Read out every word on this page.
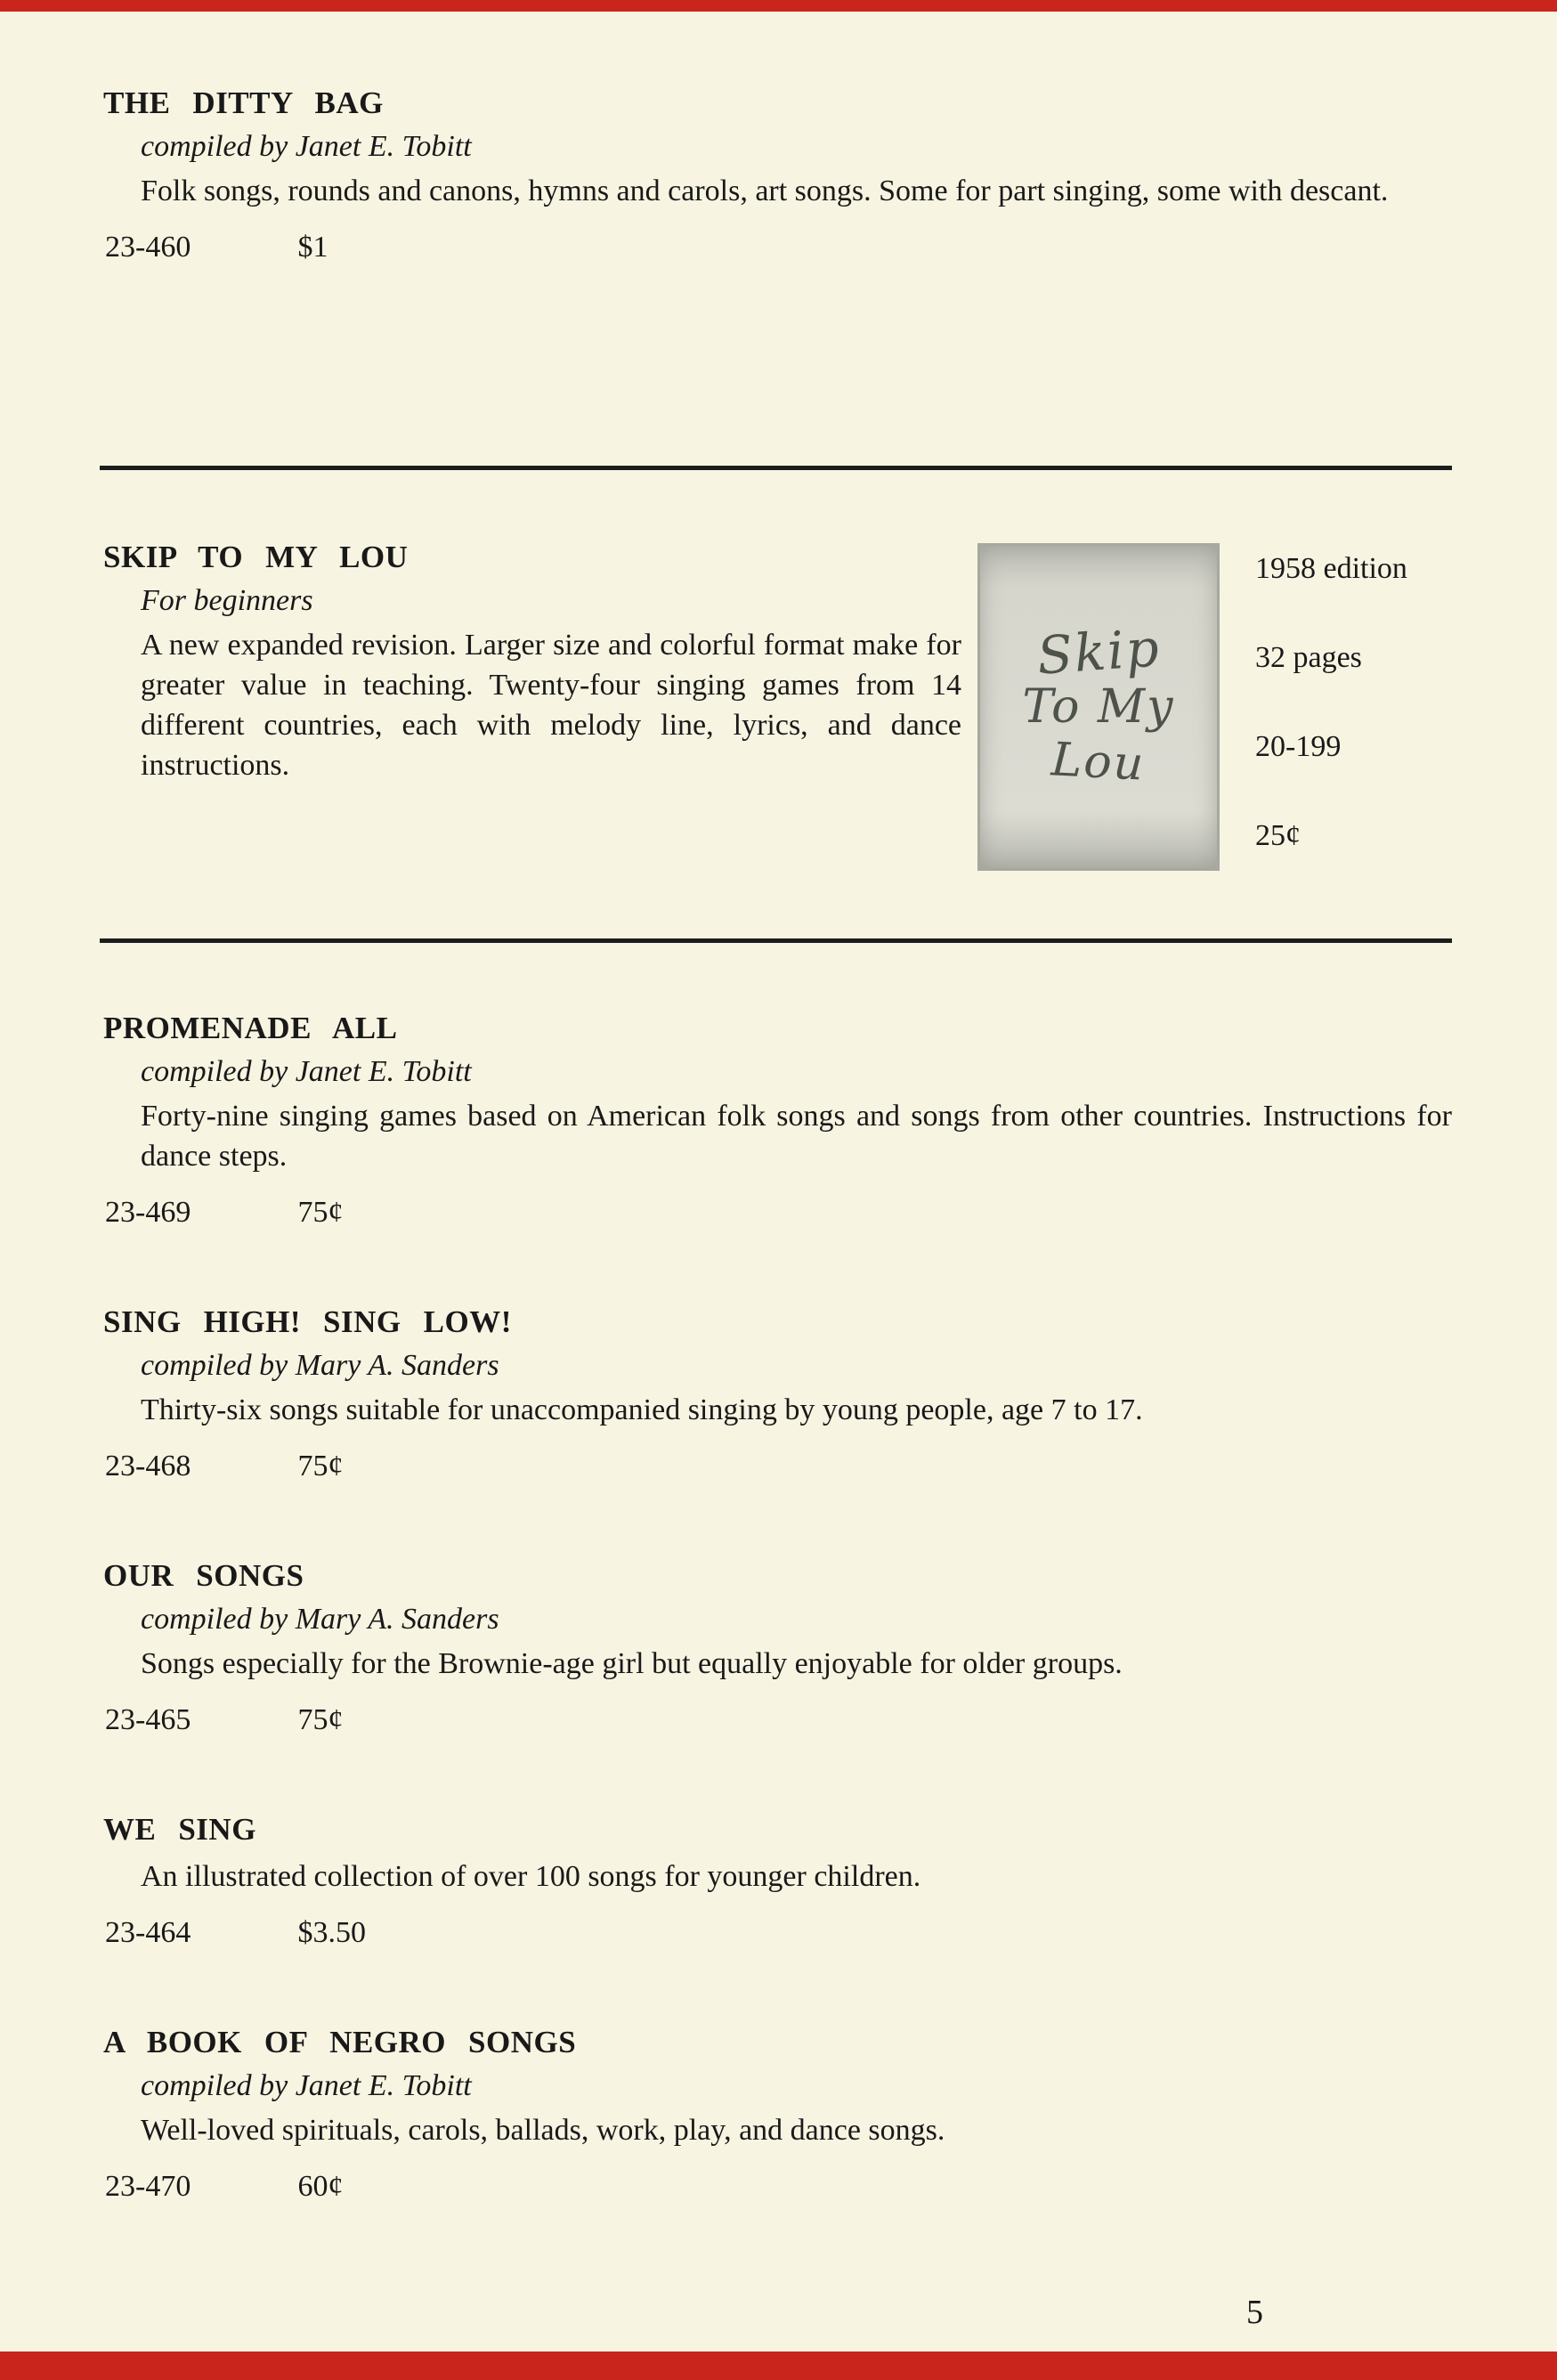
THE DITTY BAG
compiled by Janet E. Tobitt
Folk songs, rounds and canons, hymns and carols, art songs. Some for part singing, some with descant.
23-460	$1
SKIP TO MY LOU
For beginners
A new expanded revision. Larger size and colorful format make for greater value in teaching. Twenty-four singing games from 14 different countries, each with melody line, lyrics, and dance instructions.
Skip
To My
Lou
1958 edition
32 pages
20-199
25¢
PROMENADE ALL
compiled by Janet E. Tobitt
Forty-nine singing games based on American folk songs and songs from other countries. Instructions for dance steps.
23-469	75¢
SING HIGH! SING LOW!
compiled by Mary A. Sanders
Thirty-six songs suitable for unaccompanied singing by young people, age 7 to 17.
23-468	75¢
OUR SONGS
compiled by Mary A. Sanders
Songs especially for the Brownie-age girl but equally enjoyable for older groups.
23-465	75¢
WE SING
An illustrated collection of over 100 songs for younger children.
23-464	$3.50
A BOOK OF NEGRO SONGS
compiled by Janet E. Tobitt
Well-loved spirituals, carols, ballads, work, play, and dance songs.
23-470	60¢
5
